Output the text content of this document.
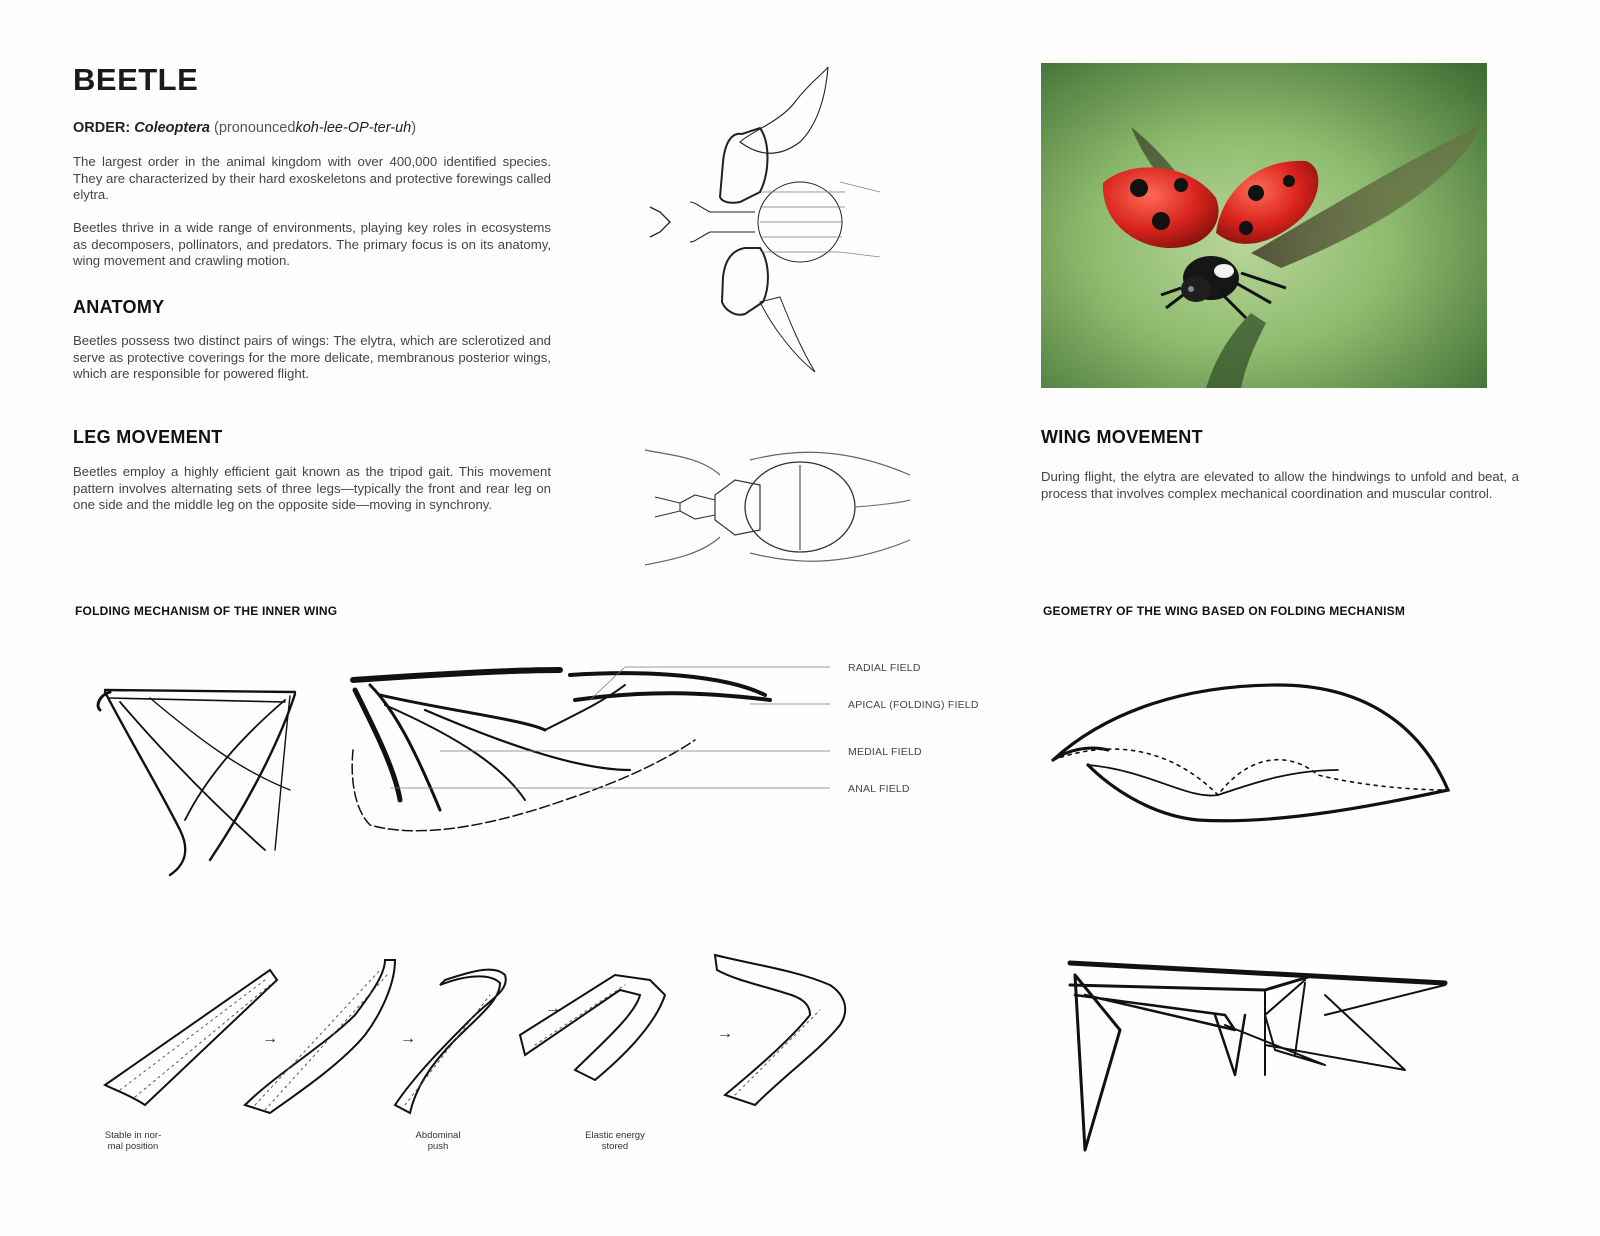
BEETLE
ORDER: Coleoptera (pronouncedkoh-lee-OP-ter-uh)

The largest order in the animal kingdom with over 400,000 identified species. They are characterized by their hard exoskeletons and protective forewings called elytra.

Beetles thrive in a wide range of environments, playing key roles in ecosystems as decomposers, pollinators, and predators. The primary focus is on its anatomy, wing movement and crawling motion.

ANATOMY

Beetles possess two distinct pairs of wings: The elytra, which are sclerotized and serve as protective coverings for the more delicate, membranous posterior wings, which are responsible for powered flight.

LEG MOVEMENT

Beetles employ a highly efficient gait known as the tripod gait. This movement pattern involves alternating sets of three legs—typically the front and rear leg on one side and the middle leg on the opposite side—moving in synchrony.

WING MOVEMENT

During flight, the elytra are elevated to allow the hindwings to unfold and beat, a process that involves complex mechanical coordination and muscular control.

FOLDING MECHANISM OF THE INNER WING	GEOMETRY OF THE WING BASED ON FOLDING MECHANISM
RADIAL FIELD
APICAL (FOLDING) FIELD
MEDIAL FIELD
ANAL FIELD
→	→
→
→
Stable in nor-
mal position
Abdominal
push
Elastic energy
stored
